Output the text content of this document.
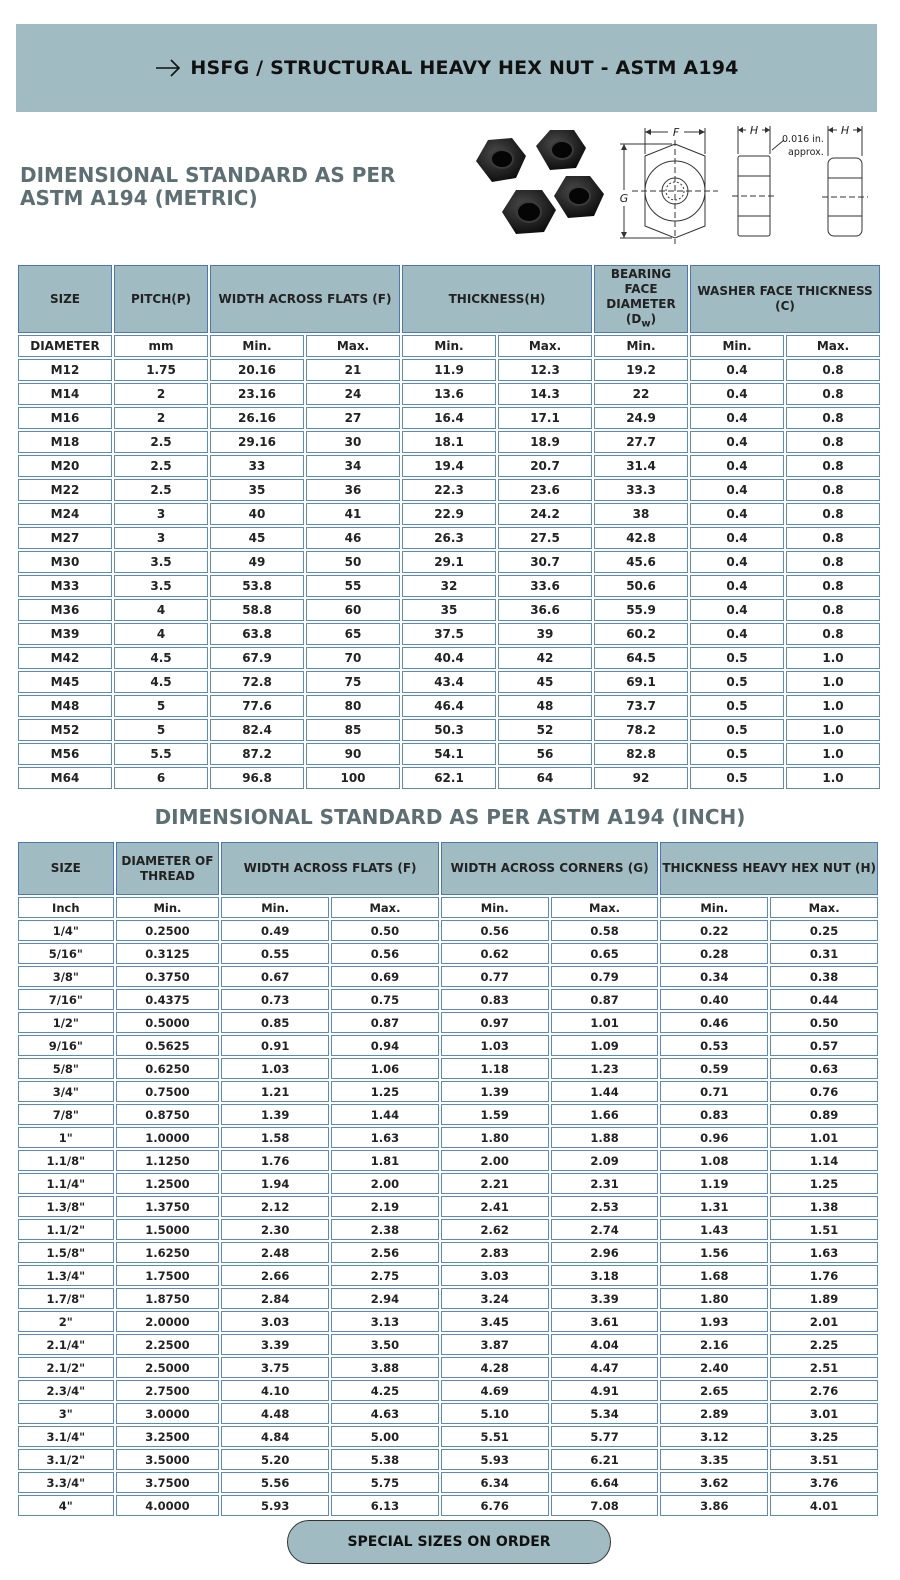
HSFG / STRUCTURAL HEAVY HEX NUT - ASTM A194
DIMENSIONAL STANDARD AS PER
ASTM A194 (METRIC)
F
G
H	H
0.016 in.
approx.
SIZE	PITCH(P)	WIDTH ACROSS FLATS (F)		THICKNESS(H)		BEARING FACE
DIAMETER
$(D_w)$	WASHER FACE THICKNESS (C)	
DIAMETER	mm	Min.	Max.	Min.	Max.	Min.	Min.	Max.
M12	1.75	20.16	21	11.9	12.3	19.2	0.4	0.8
M14	2	23.16	24	13.6	14.3	22	0.4	0.8
M16	2	26.16	27	16.4	17.1	24.9	0.4	0.8
M18	2.5	29.16	30	18.1	18.9	27.7	0.4	0.8
M20	2.5	33	34	19.4	20.7	31.4	0.4	0.8
M22	2.5	35	36	22.3	23.6	33.3	0.4	0.8
M24	3	40	41	22.9	24.2	38	0.4	0.8
M27	3	45	46	26.3	27.5	42.8	0.4	0.8
M30	3.5	49	50	29.1	30.7	45.6	0.4	0.8
M33	3.5	53.8	55	32	33.6	50.6	0.4	0.8
M36	4	58.8	60	35	36.6	55.9	0.4	0.8
M39	4	63.8	65	37.5	39	60.2	0.4	0.8
M42	4.5	67.9	70	40.4	42	64.5	0.5	1.0
M45	4.5	72.8	75	43.4	45	69.1	0.5	1.0
M48	5	77.6	80	46.4	48	73.7	0.5	1.0
M52	5	82.4	85	50.3	52	78.2	0.5	1.0
M56	5.5	87.2	90	54.1	56	82.8	0.5	1.0
M64	6	96.8	100	62.1	64	92	0.5	1.0
DIMENSIONAL STANDARD AS PER ASTM A194 (INCH)
SIZE	DIAMETER OF
THREAD	WIDTH ACROSS FLATS (F)		WIDTH ACROSS CORNERS (G)		THICKNESS HEAVY HEX NUT (H)	
Inch	Min.	Min.	Max.	Min.	Max.	Min.	Max.
1/4"	0.2500	0.49	0.50	0.56	0.58	0.22	0.25
5/16"	0.3125	0.55	0.56	0.62	0.65	0.28	0.31
3/8"	0.3750	0.67	0.69	0.77	0.79	0.34	0.38
7/16"	0.4375	0.73	0.75	0.83	0.87	0.40	0.44
1/2"	0.5000	0.85	0.87	0.97	1.01	0.46	0.50
9/16"	0.5625	0.91	0.94	1.03	1.09	0.53	0.57
5/8"	0.6250	1.03	1.06	1.18	1.23	0.59	0.63
3/4"	0.7500	1.21	1.25	1.39	1.44	0.71	0.76
7/8"	0.8750	1.39	1.44	1.59	1.66	0.83	0.89
1"	1.0000	1.58	1.63	1.80	1.88	0.96	1.01
1.1/8"	1.1250	1.76	1.81	2.00	2.09	1.08	1.14
1.1/4"	1.2500	1.94	2.00	2.21	2.31	1.19	1.25
1.3/8"	1.3750	2.12	2.19	2.41	2.53	1.31	1.38
1.1/2"	1.5000	2.30	2.38	2.62	2.74	1.43	1.51
1.5/8"	1.6250	2.48	2.56	2.83	2.96	1.56	1.63
1.3/4"	1.7500	2.66	2.75	3.03	3.18	1.68	1.76
1.7/8"	1.8750	2.84	2.94	3.24	3.39	1.80	1.89
2"	2.0000	3.03	3.13	3.45	3.61	1.93	2.01
2.1/4"	2.2500	3.39	3.50	3.87	4.04	2.16	2.25
2.1/2"	2.5000	3.75	3.88	4.28	4.47	2.40	2.51
2.3/4"	2.7500	4.10	4.25	4.69	4.91	2.65	2.76
3"	3.0000	4.48	4.63	5.10	5.34	2.89	3.01
3.1/4"	3.2500	4.84	5.00	5.51	5.77	3.12	3.25
3.1/2"	3.5000	5.20	5.38	5.93	6.21	3.35	3.51
3.3/4"	3.7500	5.56	5.75	6.34	6.64	3.62	3.76
4"	4.0000	5.93	6.13	6.76	7.08	3.86	4.01
SPECIAL SIZES ON ORDER
